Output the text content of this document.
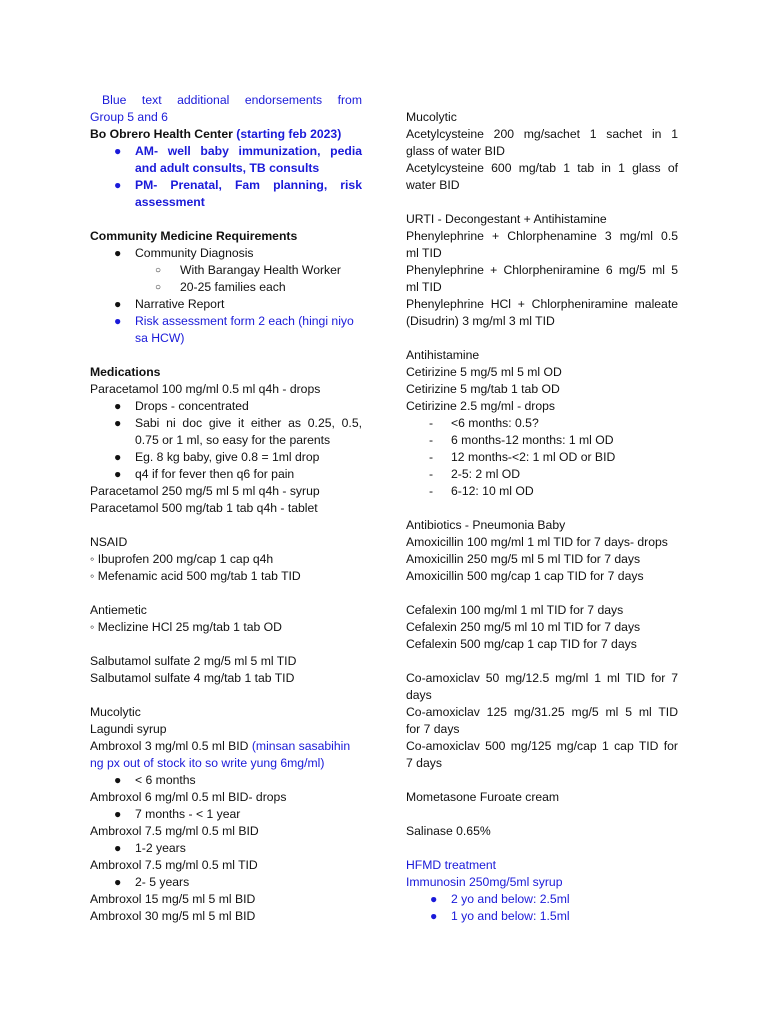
Blue text additional endorsements from
Group 5 and 6
Bo Obrero Health Center (starting feb 2023)
● AM- well baby immunization, pedia
and adult consults, TB consults
● PM- Prenatal, Fam planning, risk
assessment
Community Medicine Requirements
● Community Diagnosis
○ With Barangay Health Worker
○ 20-25 families each
● Narrative Report
● Risk assessment form 2 each (hingi niyo
sa HCW)
Medications
Paracetamol 100 mg/ml 0.5 ml q4h - drops
● Drops - concentrated
● Sabi ni doc give it either as 0.25, 0.5,
0.75 or 1 ml, so easy for the parents
● Eg. 8 kg baby, give 0.8 = 1ml drop
● q4 if for fever then q6 for pain
Paracetamol 250 mg/5 ml 5 ml q4h - syrup
Paracetamol 500 mg/tab 1 tab q4h - tablet
NSAID
◦ Ibuprofen 200 mg/cap 1 cap q4h
◦ Mefenamic acid 500 mg/tab 1 tab TID
Antiemetic
◦ Meclizine HCl 25 mg/tab 1 tab OD
Salbutamol sulfate 2 mg/5 ml 5 ml TID
Salbutamol sulfate 4 mg/tab 1 tab TID
Mucolytic
Lagundi syrup
Ambroxol 3 mg/ml 0.5 ml BID (minsan sasabihin
ng px out of stock ito so write yung 6mg/ml)
● < 6 months
Ambroxol 6 mg/ml 0.5 ml BID- drops
● 7 months - < 1 year
Ambroxol 7.5 mg/ml 0.5 ml BID
● 1-2 years
Ambroxol 7.5 mg/ml 0.5 ml TID
● 2- 5 years
Ambroxol 15 mg/5 ml 5 ml BID
Ambroxol 30 mg/5 ml 5 ml BID
Mucolytic
Acetylcysteine 200 mg/sachet 1 sachet in 1
glass of water BID
Acetylcysteine 600 mg/tab 1 tab in 1 glass of
water BID
URTI - Decongestant + Antihistamine
Phenylephrine + Chlorphenamine 3 mg/ml 0.5
ml TID
Phenylephrine + Chlorpheniramine 6 mg/5 ml 5
ml TID
Phenylephrine HCl + Chlorpheniramine maleate
(Disudrin) 3 mg/ml 3 ml TID
Antihistamine
Cetirizine 5 mg/5 ml 5 ml OD
Cetirizine 5 mg/tab 1 tab OD
Cetirizine 2.5 mg/ml - drops
- <6 months: 0.5?
- 6 months-12 months: 1 ml OD
- 12 months-<2: 1 ml OD or BID
- 2-5: 2 ml OD
- 6-12: 10 ml OD
Antibiotics - Pneumonia Baby
Amoxicillin 100 mg/ml 1 ml TID for 7 days- drops
Amoxicillin 250 mg/5 ml 5 ml TID for 7 days
Amoxicillin 500 mg/cap 1 cap TID for 7 days
Cefalexin 100 mg/ml 1 ml TID for 7 days
Cefalexin 250 mg/5 ml 10 ml TID for 7 days
Cefalexin 500 mg/cap 1 cap TID for 7 days
Co-amoxiclav 50 mg/12.5 mg/ml 1 ml TID for 7
days
Co-amoxiclav 125 mg/31.25 mg/5 ml 5 ml TID
for 7 days
Co-amoxiclav 500 mg/125 mg/cap 1 cap TID for
7 days
Mometasone Furoate cream
Salinase 0.65%
HFMD treatment
Immunosin 250mg/5ml syrup
● 2 yo and below: 2.5ml
● 1 yo and below: 1.5ml
